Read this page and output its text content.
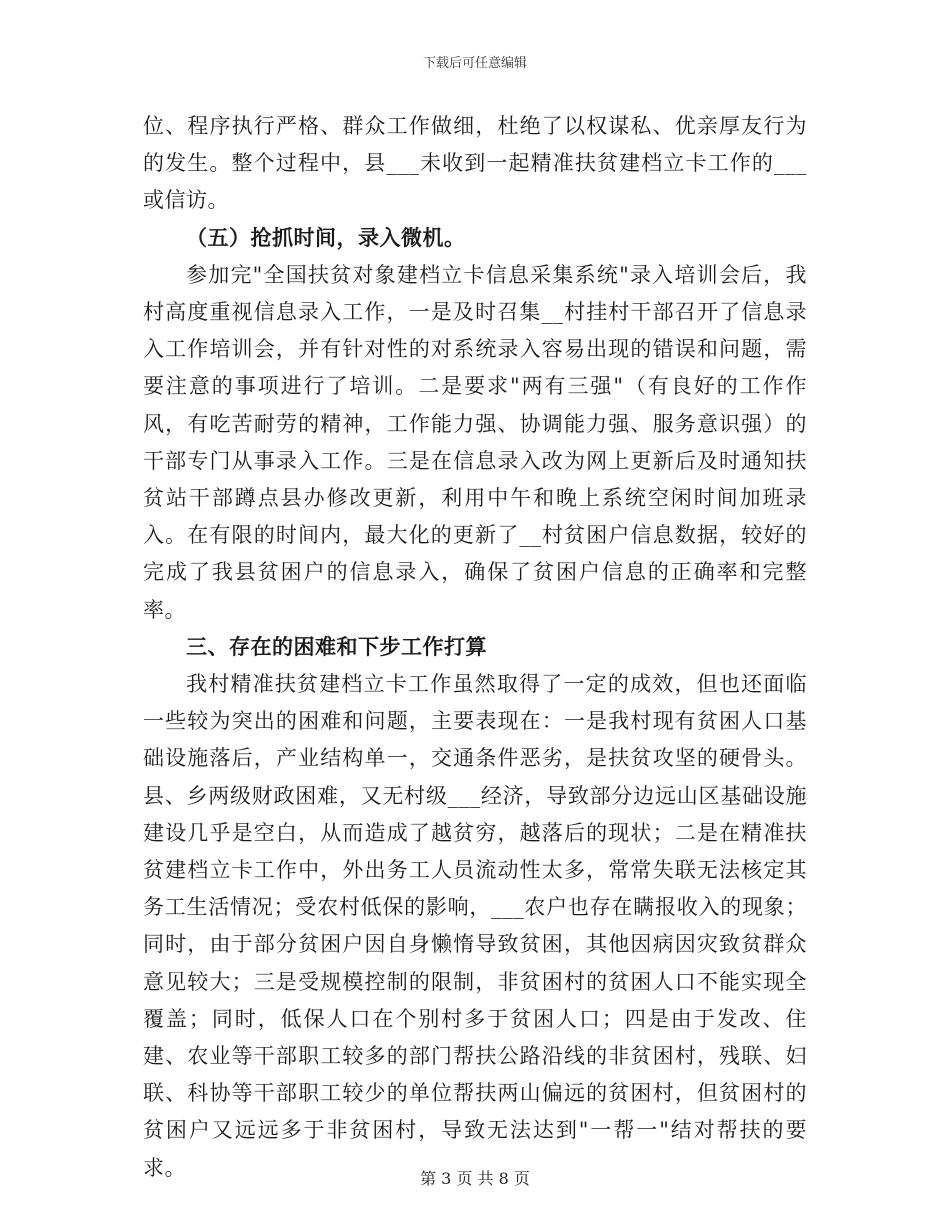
下载后可任意编辑

位、程序执行严格、群众工作做细，杜绝了以权谋私、优亲厚友行为的发生。整个过程中，县___未收到一起精准扶贫建档立卡工作的___或信访。

（五）抢抓时间，录入微机。

参加完"全国扶贫对象建档立卡信息采集系统"录入培训会后，我村高度重视信息录入工作，一是及时召集__村挂村干部召开了信息录入工作培训会，并有针对性的对系统录入容易出现的错误和问题，需要注意的事项进行了培训。二是要求"两有三强"（有良好的工作作风，有吃苦耐劳的精神，工作能力强、协调能力强、服务意识强）的干部专门从事录入工作。三是在信息录入改为网上更新后及时通知扶贫站干部蹲点县办修改更新，利用中午和晚上系统空闲时间加班录入。在有限的时间内，最大化的更新了__村贫困户信息数据，较好的完成了我县贫困户的信息录入，确保了贫困户信息的正确率和完整率。

三、存在的困难和下步工作打算

我村精准扶贫建档立卡工作虽然取得了一定的成效，但也还面临一些较为突出的困难和问题，主要表现在：一是我村现有贫困人口基础设施落后，产业结构单一，交通条件恶劣，是扶贫攻坚的硬骨头。县、乡两级财政困难，又无村级___经济，导致部分边远山区基础设施建设几乎是空白，从而造成了越贫穷，越落后的现状；二是在精准扶贫建档立卡工作中，外出务工人员流动性太多，常常失联无法核定其务工生活情况；受农村低保的影响，___农户也存在瞒报收入的现象；同时，由于部分贫困户因自身懒惰导致贫困，其他因病因灾致贫群众意见较大；三是受规模控制的限制，非贫困村的贫困人口不能实现全覆盖；同时，低保人口在个别村多于贫困人口；四是由于发改、住建、农业等干部职工较多的部门帮扶公路沿线的非贫困村，残联、妇联、科协等干部职工较少的单位帮扶两山偏远的贫困村，但贫困村的贫困户又远远多于非贫困村，导致无法达到"一帮一"结对帮扶的要求。	第 3 页 共 8 页
